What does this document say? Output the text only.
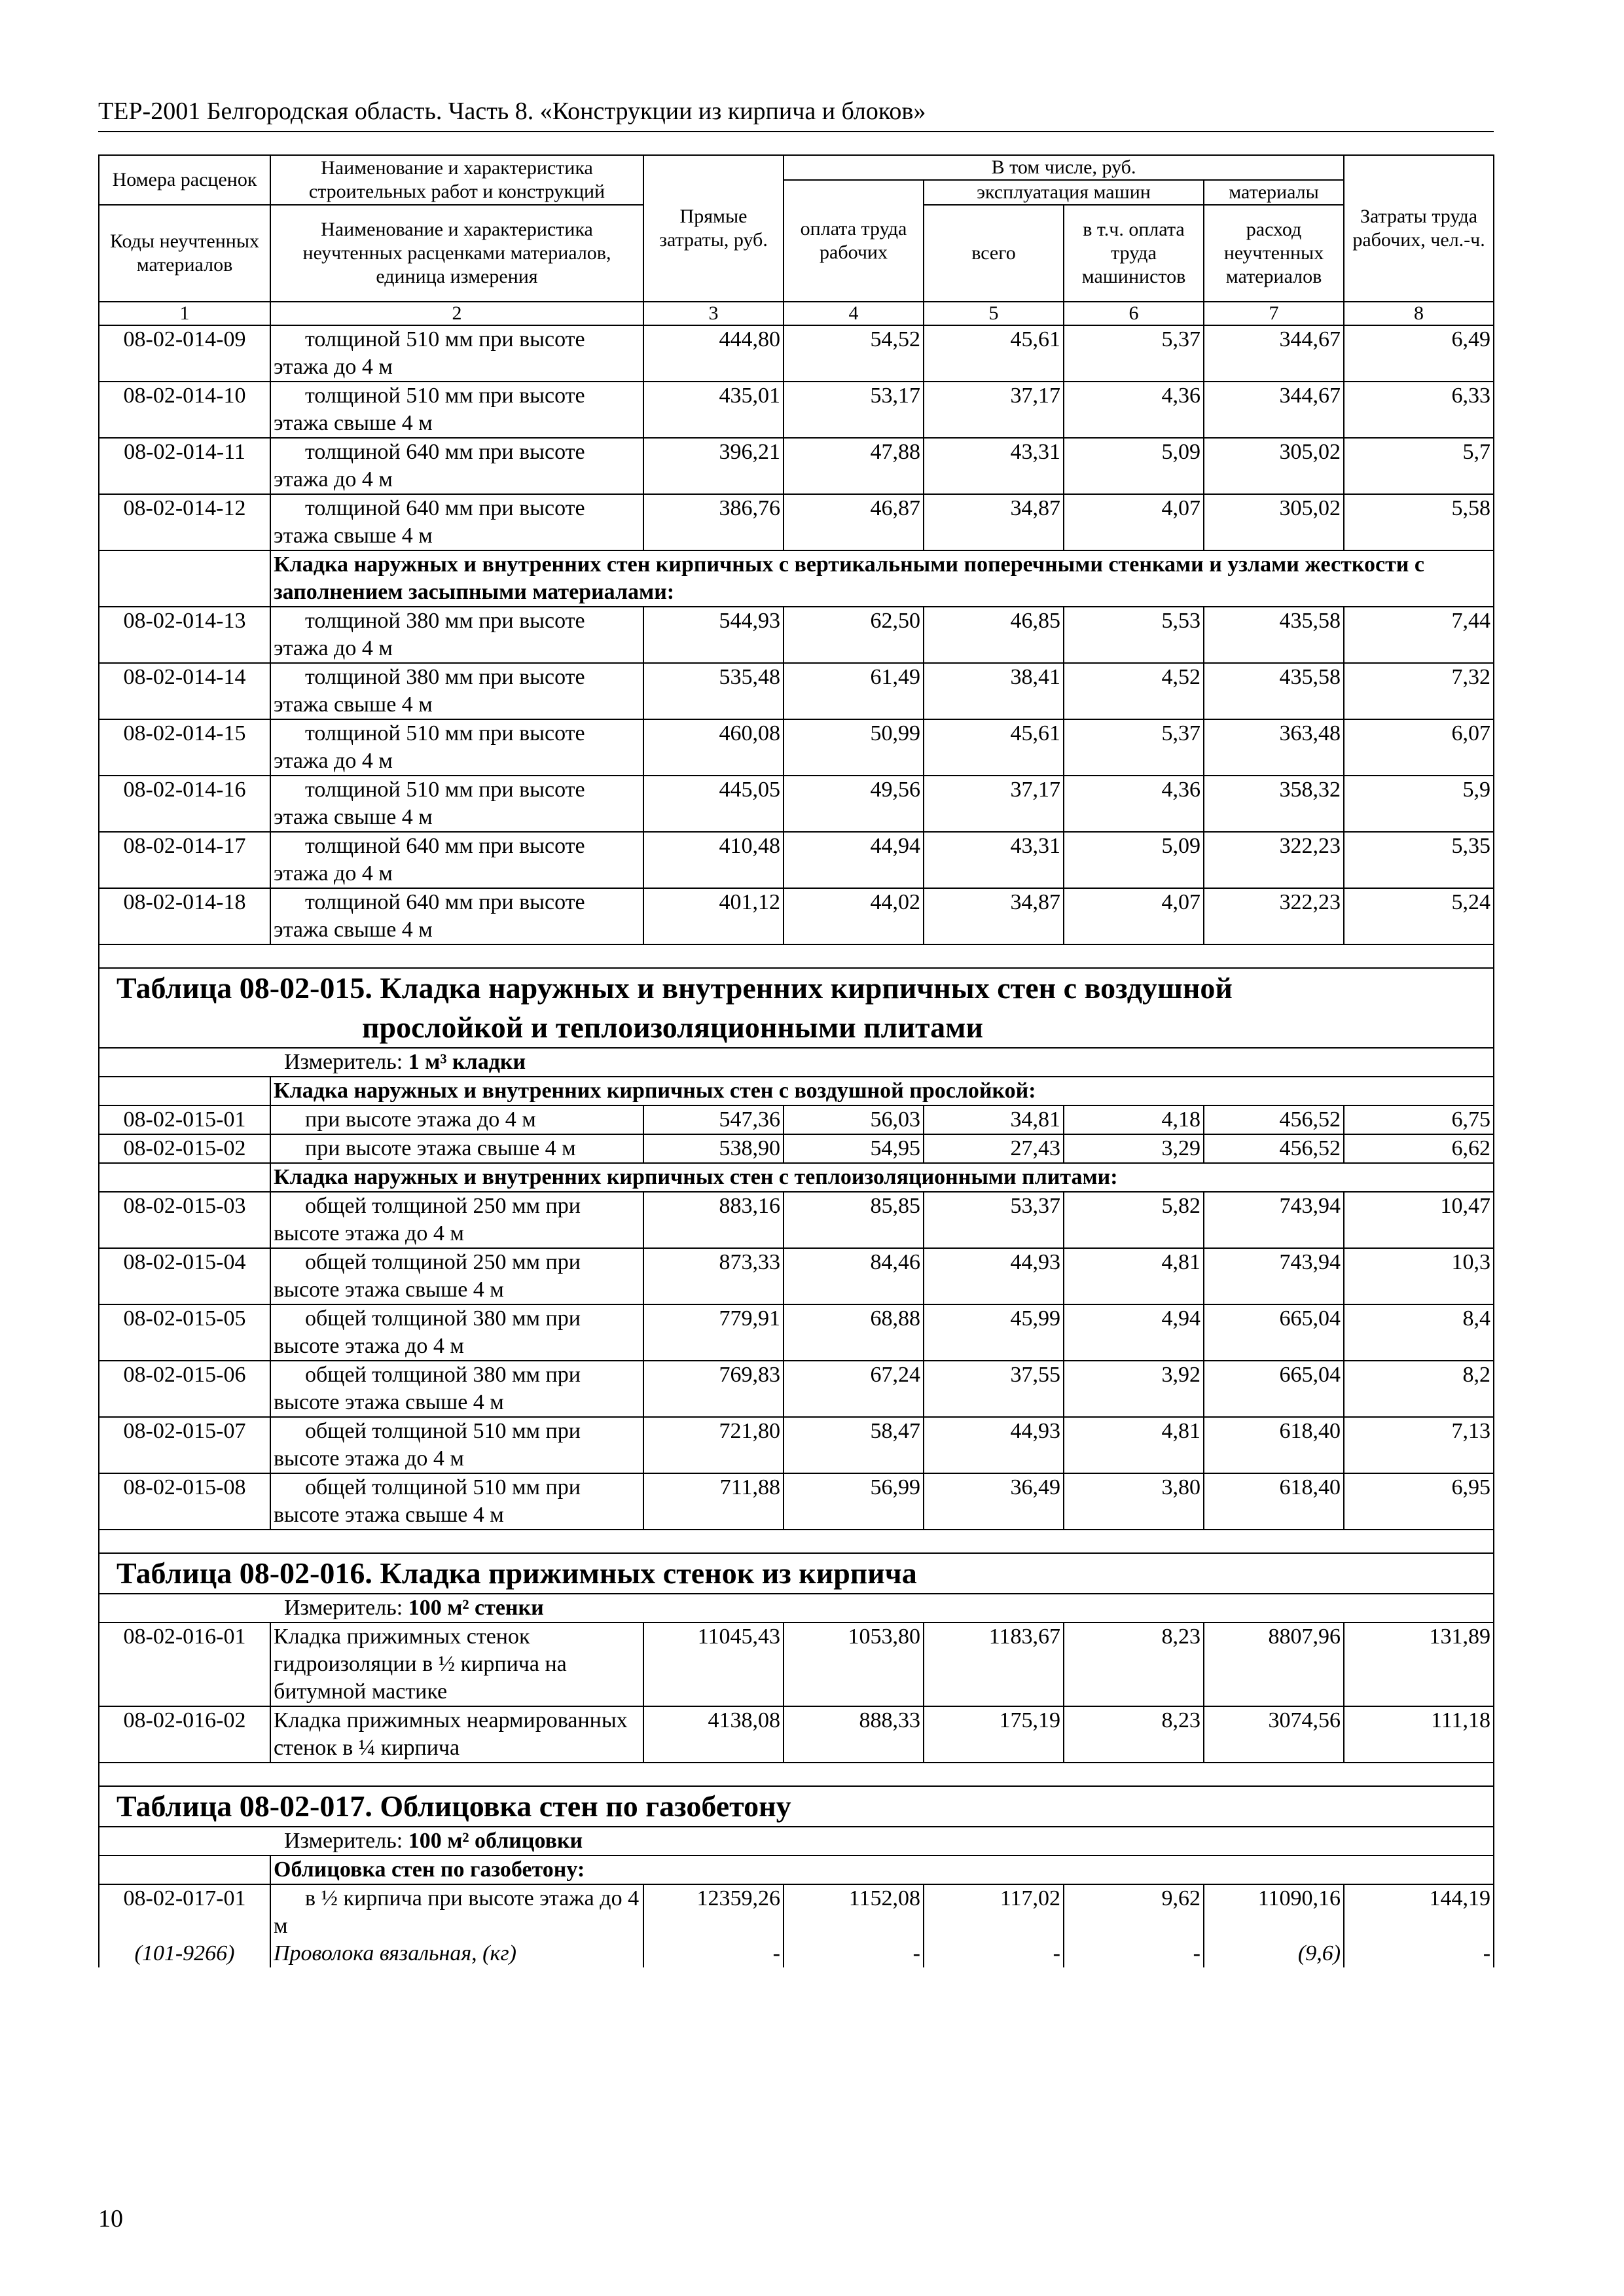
ТЕР-2001 Белгородская область. Часть 8. «Конструкции из кирпича и блоков»
Номера расценок	Наименование и характеристика строительных работ и конструкций	Прямые затраты, руб.	В том числе, руб.				Затраты труда рабочих, чел.-ч.
			оплата труда рабочих	эксплуатация машин		материалы	
Коды неучтенных материалов	Наименование и характеристика неучтенных расценками материалов, единица измерения			всего	в т.ч. оплата труда машинистов	расход неучтенных материалов	

1	2	3	4	5	6	7	8
08-02-014-09	толщиной 510 мм при высоте этажа до 4 м	444,80	54,52	45,61	5,37	344,67	6,49
08-02-014-10	толщиной 510 мм при высоте этажа свыше 4 м	435,01	53,17	37,17	4,36	344,67	6,33
08-02-014-11	толщиной 640 мм при высоте этажа до 4 м	396,21	47,88	43,31	5,09	305,02	5,7
08-02-014-12	толщиной 640 мм при высоте этажа свыше 4 м	386,76	46,87	34,87	4,07	305,02	5,58
	Кладка наружных и внутренних стен кирпичных с вертикальными поперечными стенками и узлами жесткости с заполнением засыпными материалами:						
08-02-014-13	толщиной 380 мм при высоте этажа до 4 м	544,93	62,50	46,85	5,53	435,58	7,44
08-02-014-14	толщиной 380 мм при высоте этажа свыше 4 м	535,48	61,49	38,41	4,52	435,58	7,32
08-02-014-15	толщиной 510 мм при высоте этажа до 4 м	460,08	50,99	45,61	5,37	363,48	6,07
08-02-014-16	толщиной 510 мм при высоте этажа свыше 4 м	445,05	49,56	37,17	4,36	358,32	5,9
08-02-014-17	толщиной 640 мм при высоте этажа до 4 м	410,48	44,94	43,31	5,09	322,23	5,35
08-02-014-18	толщиной 640 мм при высоте этажа свыше 4 м	401,12	44,02	34,87	4,07	322,23	5,24

Таблица 08-02-015. Кладка наружных и внутренних кирпичных стен с воздушной
прослойкой и теплоизоляционными плитами							

Измеритель: 1 м³ кладки							

	Кладка наружных и внутренних кирпичных стен с воздушной прослойкой:						
08-02-015-01	при высоте этажа до 4 м	547,36	56,03	34,81	4,18	456,52	6,75
08-02-015-02	при высоте этажа свыше 4 м	538,90	54,95	27,43	3,29	456,52	6,62
	Кладка наружных и внутренних кирпичных стен с теплоизоляционными плитами:						
08-02-015-03	общей толщиной 250 мм при высоте этажа до 4 м	883,16	85,85	53,37	5,82	743,94	10,47
08-02-015-04	общей толщиной 250 мм при высоте этажа свыше 4 м	873,33	84,46	44,93	4,81	743,94	10,3
08-02-015-05	общей толщиной 380 мм при высоте этажа до 4 м	779,91	68,88	45,99	4,94	665,04	8,4
08-02-015-06	общей толщиной 380 мм при высоте этажа свыше 4 м	769,83	67,24	37,55	3,92	665,04	8,2
08-02-015-07	общей толщиной 510 мм при высоте этажа до 4 м	721,80	58,47	44,93	4,81	618,40	7,13
08-02-015-08	общей толщиной 510 мм при высоте этажа свыше 4 м	711,88	56,99	36,49	3,80	618,40	6,95

Таблица 08-02-016. Кладка прижимных стенок из кирпича							

Измеритель: 100 м² стенки							

08-02-016-01	Кладка прижимных стенок гидроизоляции в ½ кирпича на битумной мастике	11045,43	1053,80	1183,67	8,23	8807,96	131,89
08-02-016-02	Кладка прижимных неармированных стенок в ¼ кирпича	4138,08	888,33	175,19	8,23	3074,56	111,18

Таблица 08-02-017. Облицовка стен по газобетону							

Измеритель: 100 м² облицовки							

	Облицовка стен по газобетону:						
08-02-017-01	в ½ кирпича при высоте этажа до 4 м	12359,26	1152,08	117,02	9,62	11090,16	144,19
(101-9266)	Проволока вязальная, (кг)	-	-	-	-	(9,6)	-
10
